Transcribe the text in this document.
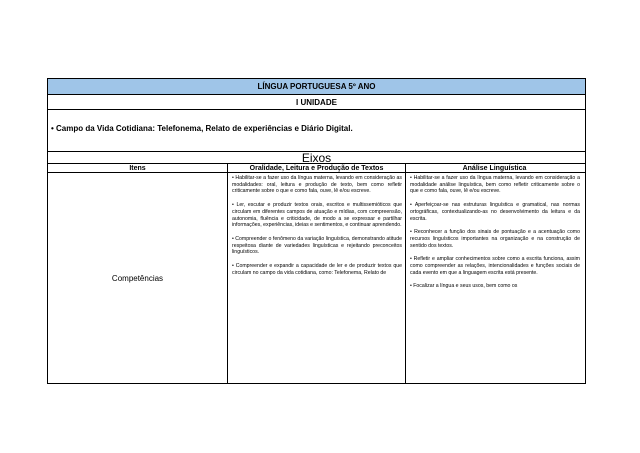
LÍNGUA PORTUGUESA 5º ANO
I UNIDADE
• Campo da Vida Cotidiana: Telefonema, Relato de experiências e Diário Digital.
Eixos
Itens	Oralidade, Leitura e Produção de Textos	Análise Linguística
Competências

• Habilitar-se a fazer uso da língua materna, levando em consideração as modalidades: oral, leitura e produção de texto, bem como refletir criticamente sobre o que e como fala, ouve, lê e/ou escreve.

• Ler, escutar e produzir textos orais, escritos e multissemióticos que circulam em diferentes campos de atuação e mídias, com compreensão, autonomia, fluência e criticidade, de modo a se expressar e partilhar informações, experiências, ideias e sentimentos, e continuar aprendendo.

• Compreender o fenômeno da variação linguística, demonstrando atitude respeitosa diante de variedades linguísticas e rejeitando preconceitos linguísticos.

• Compreender e expandir a capacidade de ler e de produzir textos que circulam no campo da vida cotidiana, como: Telefonema, Relato de

• Habilitar-se a fazer uso da língua materna, levando em consideração a modalidade análise linguística, bem como refletir criticamente sobre o que e como fala, ouve, lê e/ou escreve.

• Aperfeiçoar-se nas estruturas linguística e gramatical, nas normas ortográficas, contextualizando-as no desenvolvimento da leitura e da escrita.

• Reconhecer a função dos sinais de pontuação e a acentuação como recursos linguísticos importantes na organização e na construção de sentido dos textos.

• Refletir e ampliar conhecimentos sobre como a escrita funciona, assim como compreender as relações, intencionalidades e funções sociais de cada evento em que a linguagem escrita está presente.

• Focalizar a língua e seus usos, bem como os
